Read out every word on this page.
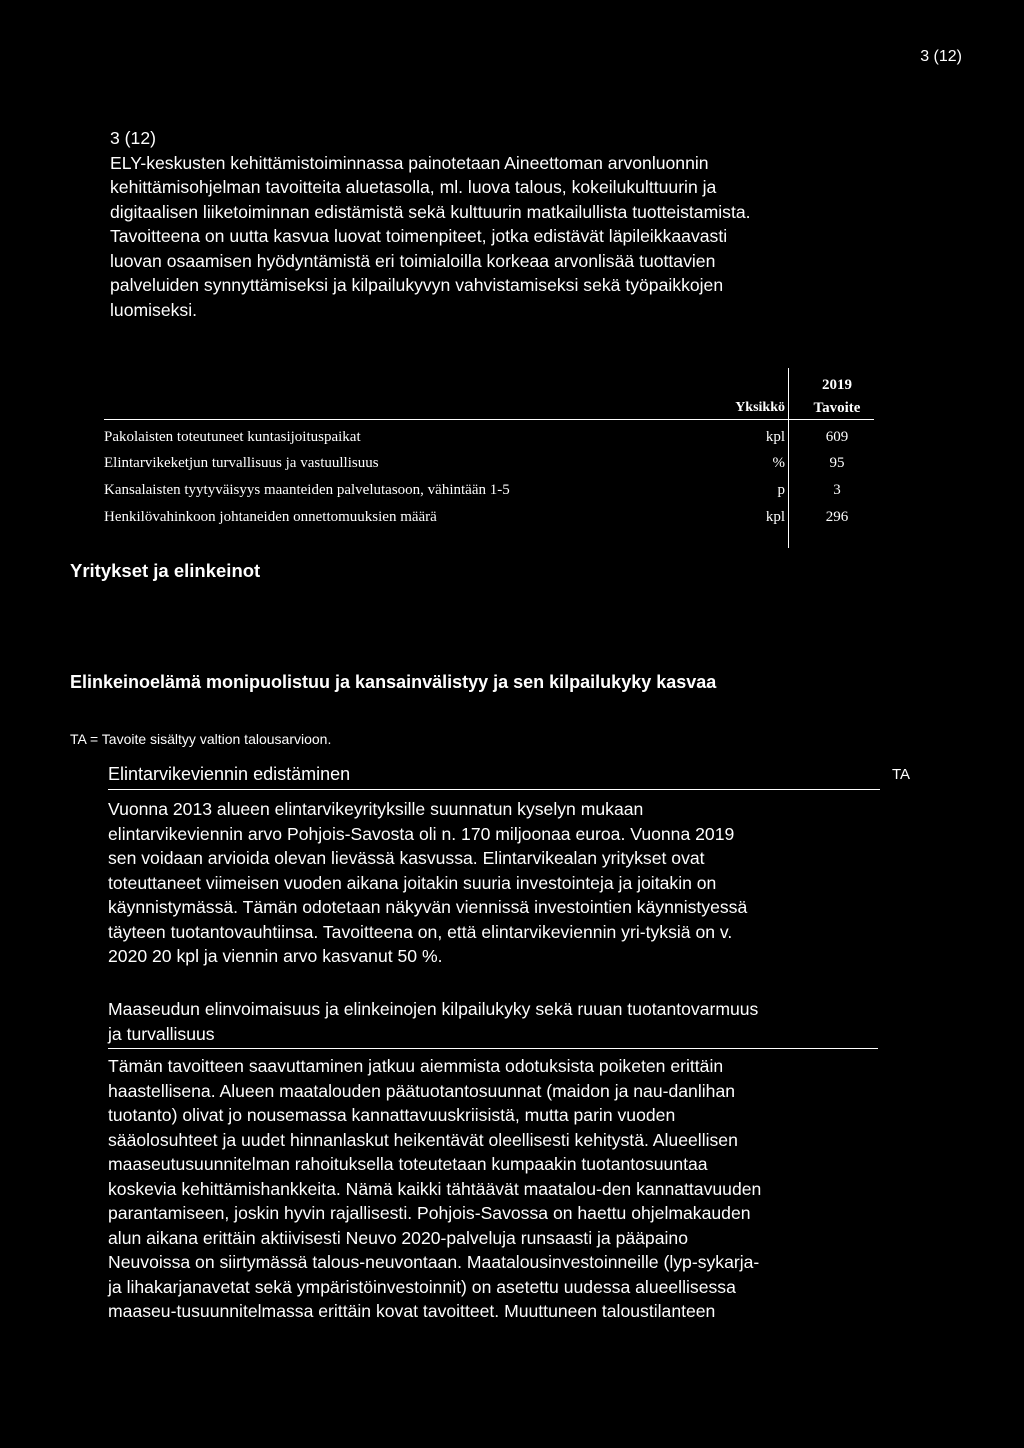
3 (12)

3 (12)

ELY-keskusten kehittämistoiminnassa painotetaan Aineettoman arvonluonnin

kehittämisohjelman tavoitteita aluetasolla, ml. luova talous, kokeilukulttuurin ja

digitaalisen liiketoiminnan edistämistä sekä kulttuurin matkailullista tuotteistamista.

Tavoitteena on uutta kasvua luovat toimenpiteet, jotka edistävät läpileikkaavasti

luovan osaamisen hyödyntämistä eri toimialoilla korkeaa arvonlisää tuottavien

palveluiden synnyttämiseksi ja kilpailukyvyn vahvistamiseksi sekä työpaikkojen

luomiseksi.

2019
Yksikkö	Tavoite
Pakolaisten toteutuneet kuntasijoituspaikat	kpl	609
Elintarvikeketjun turvallisuus ja vastuullisuus	%	95
Kansalaisten tyytyväisyys maanteiden palvelutasoon, vähintään 1-5	p	3
Henkilövahinkoon johtaneiden onnettomuuksien määrä	kpl	296
Yritykset ja elinkeinot
Elinkeinoelämä monipuolistuu ja kansainvälistyy ja sen kilpailukyky kasvaa
TA = Tavoite sisältyy valtion talousarvioon.
Elintarvikeviennin edistäminen	TA

Vuonna 2013 alueen elintarvikeyrityksille suunnatun kyselyn mukaan

elintarvikeviennin arvo Pohjois-Savosta oli n. 170 miljoonaa euroa. Vuonna 2019

sen voidaan arvioida olevan lievässä kasvussa. Elintarvikealan yritykset ovat

toteuttaneet viimeisen vuoden aikana joitakin suuria investointeja ja joitakin on

käynnistymässä. Tämän odotetaan näkyvän viennissä investointien käynnistyessä

täyteen tuotantovauhtiinsa. Tavoitteena on, että elintarvikeviennin yri-tyksiä on v.

2020 20 kpl ja viennin arvo kasvanut 50 %.

Maaseudun elinvoimaisuus ja elinkeinojen kilpailukyky sekä ruuan tuotantovarmuus
ja turvallisuus

Tämän tavoitteen saavuttaminen jatkuu aiemmista odotuksista poiketen erittäin

haastellisena. Alueen maatalouden päätuotantosuunnat (maidon ja nau-danlihan

tuotanto) olivat jo nousemassa kannattavuuskriisistä, mutta parin vuoden

sääolosuhteet ja uudet hinnanlaskut heikentävät oleellisesti kehitystä. Alueellisen

maaseutusuunnitelman rahoituksella toteutetaan kumpaakin tuotantosuuntaa

koskevia kehittämishankkeita. Nämä kaikki tähtäävät maatalou-den kannattavuuden

parantamiseen, joskin hyvin rajallisesti. Pohjois-Savossa on haettu ohjelmakauden

alun aikana erittäin aktiivisesti Neuvo 2020-palveluja runsaasti ja pääpaino

Neuvoissa on siirtymässä talous-neuvontaan. Maatalousinvestoinneille (lyp-sykarja-

ja lihakarjanavetat sekä ympäristöinvestoinnit) on asetettu uudessa alueellisessa

maaseu-tusuunnitelmassa erittäin kovat tavoitteet. Muuttuneen taloustilanteen
